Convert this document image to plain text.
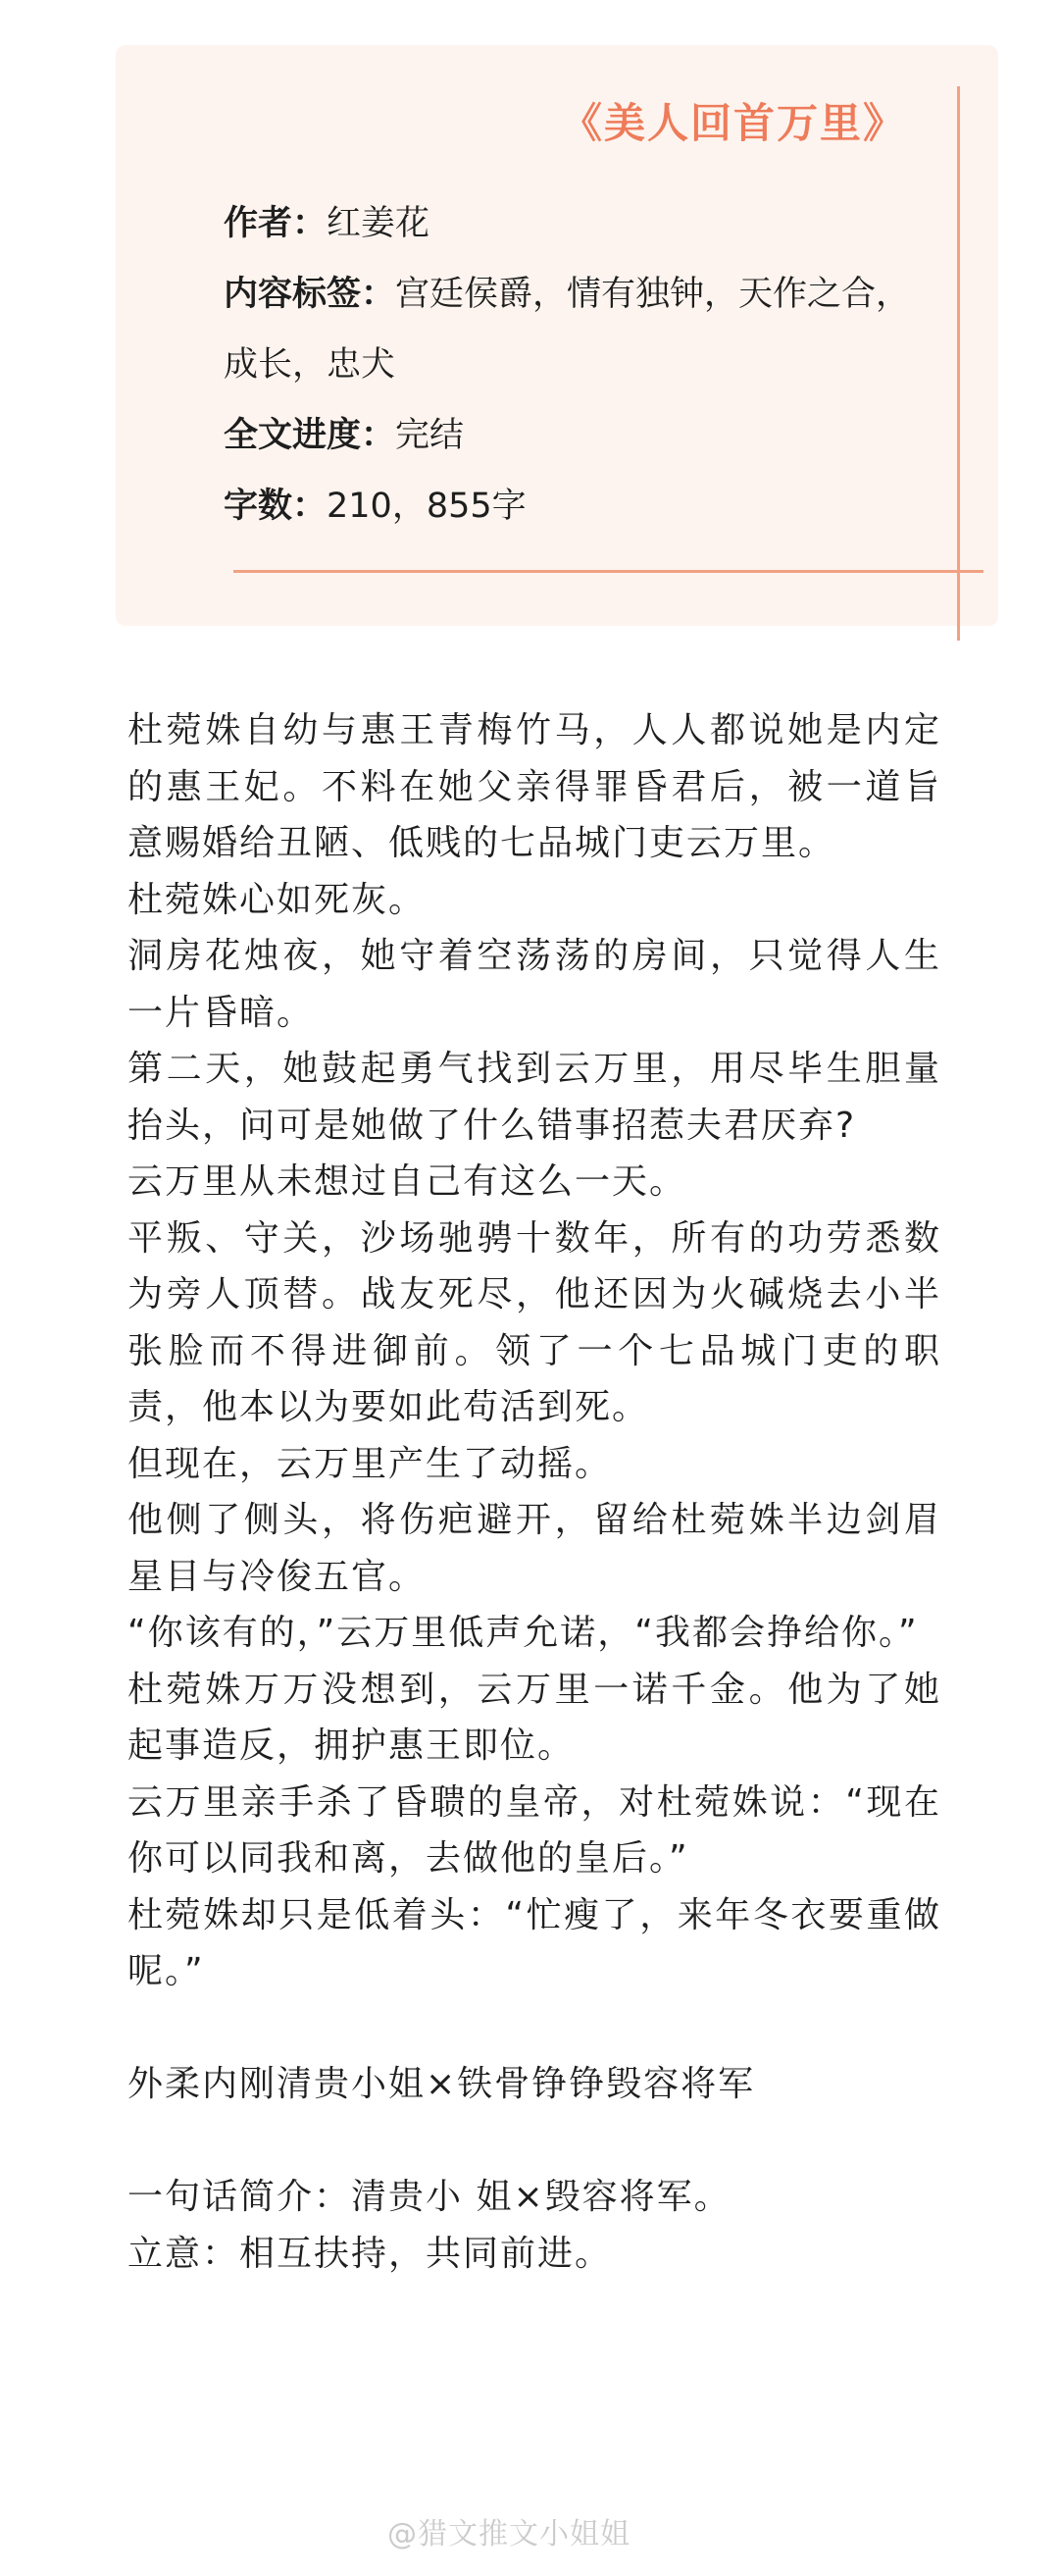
《美人回首万里》
作者：红姜花
内容标签：宫廷侯爵，情有独钟，天作之合，成长，忠犬
全文进度：完结
字数：210，855字

杜菀姝自幼与惠王青梅竹马，人人都说她是内定的惠王妃。不料在她父亲得罪昏君后，被一道旨意赐婚给丑陋、低贱的七品城门吏云万里。

杜菀姝心如死灰。

洞房花烛夜，她守着空荡荡的房间，只觉得人生一片昏暗。

第二天，她鼓起勇气找到云万里，用尽毕生胆量抬头，问可是她做了什么错事招惹夫君厌弃?

云万里从未想过自己有这么一天。

平叛、守关，沙场驰骋十数年，所有的功劳悉数为旁人顶替。战友死尽，他还因为火碱烧去小半张脸而不得进御前。领了一个七品城门吏的职责，他本以为要如此苟活到死。

但现在，云万里产生了动摇。

他侧了侧头，将伤疤避开，留给杜菀姝半边剑眉星目与冷俊五官。

“你该有的，”云万里低声允诺，“我都会挣给你。”

杜菀姝万万没想到，云万里一诺千金。他为了她起事造反，拥护惠王即位。

云万里亲手杀了昏聩的皇帝，对杜菀姝说：“现在你可以同我和离，去做他的皇后。”

杜菀姝却只是低着头：“忙瘦了，来年冬衣要重做呢。”

外柔内刚清贵小姐×铁骨铮铮毁容将军

一句话简介：清贵小 姐×毁容将军。

立意：相互扶持，共同前进。

@猎文推文小姐姐
